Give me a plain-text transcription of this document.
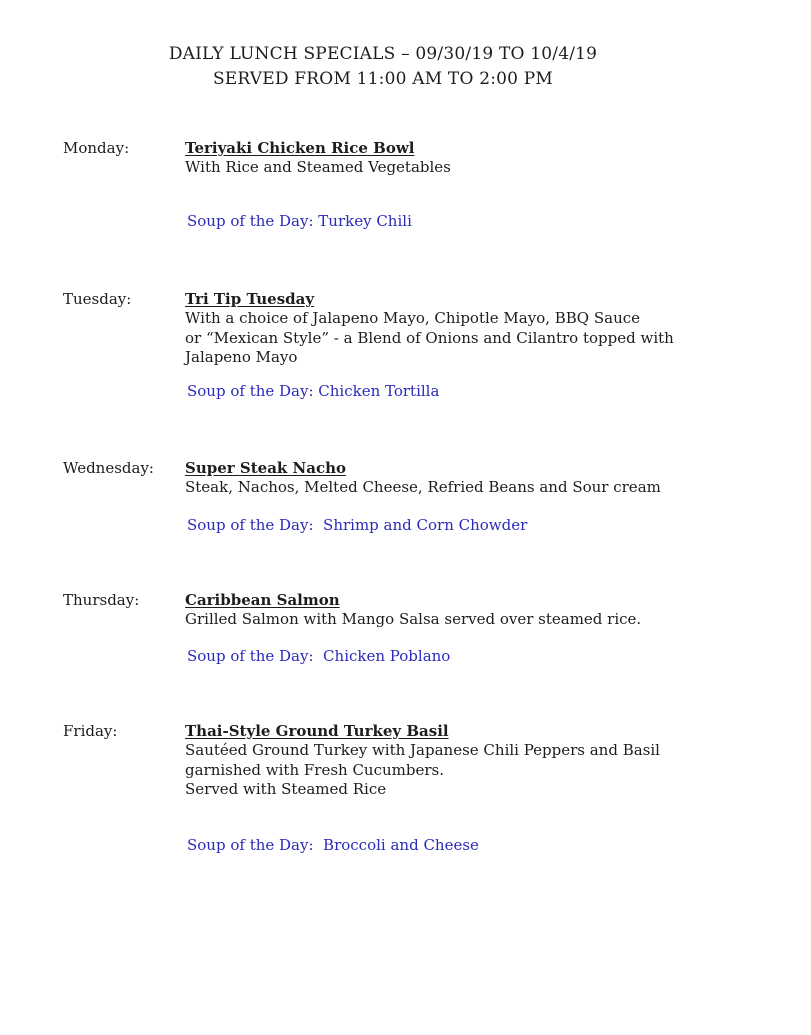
DAILY LUNCH SPECIALS – 09/30/19 TO 10/4/19
SERVED FROM 11:00 AM TO 2:00 PM
Monday:	Teriyaki Chicken Rice Bowl
With Rice and Steamed Vegetables
Soup of the Day: Turkey Chili
Tuesday:	Tri Tip Tuesday
With a choice of Jalapeno Mayo, Chipotle Mayo, BBQ Sauce
or “Mexican Style” - a Blend of Onions and Cilantro topped with
Jalapeno Mayo
Soup of the Day: Chicken Tortilla
Wednesday: Super Steak Nacho
Steak, Nachos, Melted Cheese, Refried Beans and Sour cream
Soup of the Day:  Shrimp and Corn Chowder
Thursday:	Caribbean Salmon
Grilled Salmon with Mango Salsa served over steamed rice.
Soup of the Day:  Chicken Poblano
Friday:	Thai-Style Ground Turkey Basil
Sautéed Ground Turkey with Japanese Chili Peppers and Basil
garnished with Fresh Cucumbers.
Served with Steamed Rice
Soup of the Day:  Broccoli and Cheese
